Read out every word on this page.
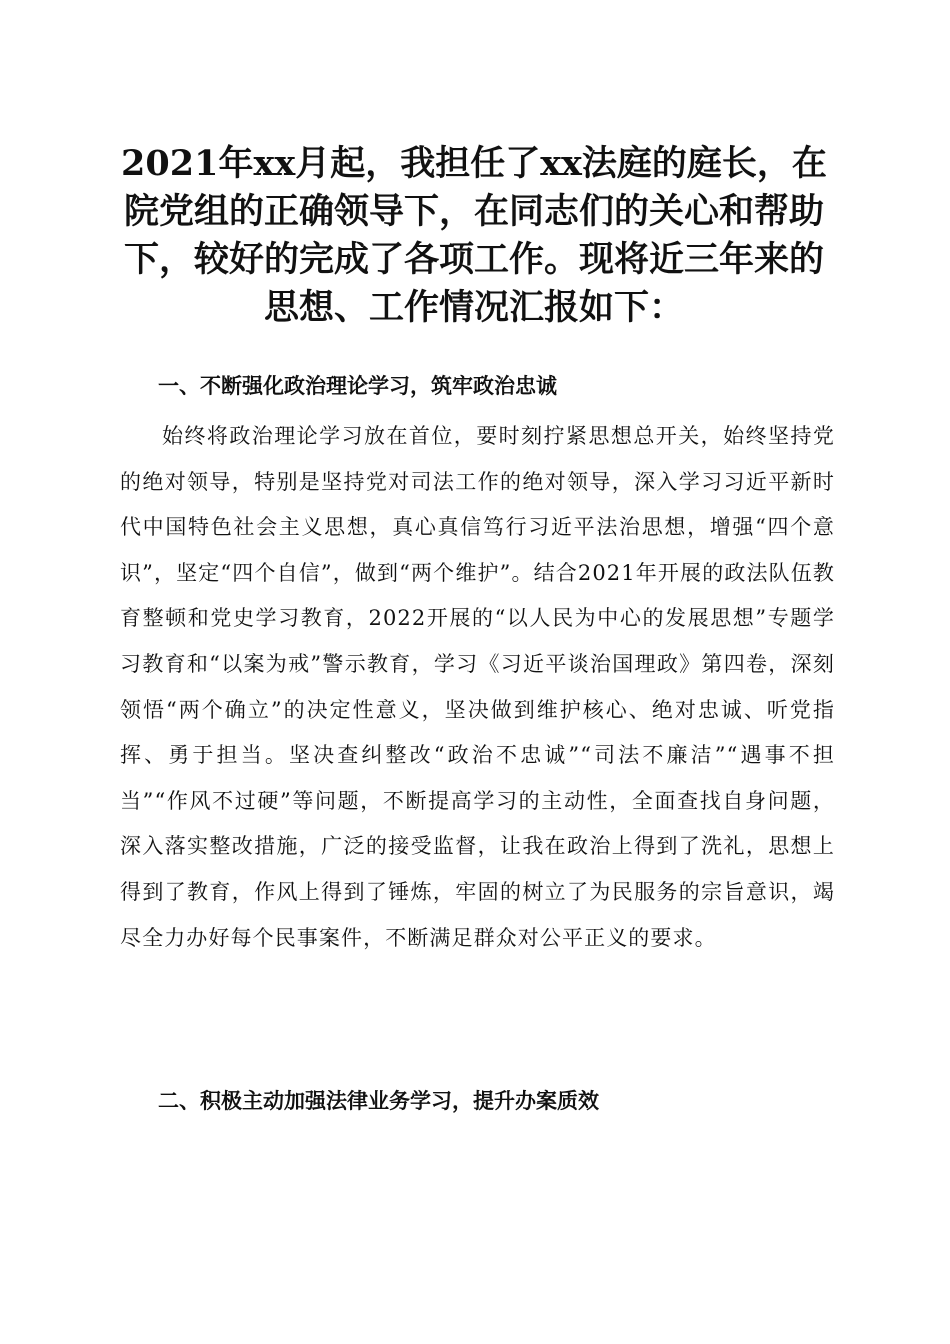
2021年xx月起，我担任了xx法庭的庭长，在院党组的正确领导下，在同志们的关心和帮助下，较好的完成了各项工作。现将近三年来的思想、工作情况汇报如下：
一、不断强化政治理论学习，筑牢政治忠诚

始终将政治理论学习放在首位，要时刻拧紧思想总开关，始终坚持党的绝对领导，特别是坚持党对司法工作的绝对领导，深入学习习近平新时代中国特色社会主义思想，真心真信笃行习近平法治思想，增强“四个意识”，坚定“四个自信”，做到“两个维护”。结合2021年开展的政法队伍教育整顿和党史学习教育，2022开展的“以人民为中心的发展思想”专题学习教育和“以案为戒”警示教育，学习《习近平谈治国理政》第四卷，深刻领悟“两个确立”的决定性意义，坚决做到维护核心、绝对忠诚、听党指挥、勇于担当。坚决查纠整改“政治不忠诚”“司法不廉洁”“遇事不担当”“作风不过硬”等问题，不断提高学习的主动性，全面查找自身问题，深入落实整改措施，广泛的接受监督，让我在政治上得到了洗礼，思想上得到了教育，作风上得到了锤炼，牢固的树立了为民服务的宗旨意识，竭尽全力办好每个民事案件，不断满足群众对公平正义的要求。

二、积极主动加强法律业务学习，提升办案质效
